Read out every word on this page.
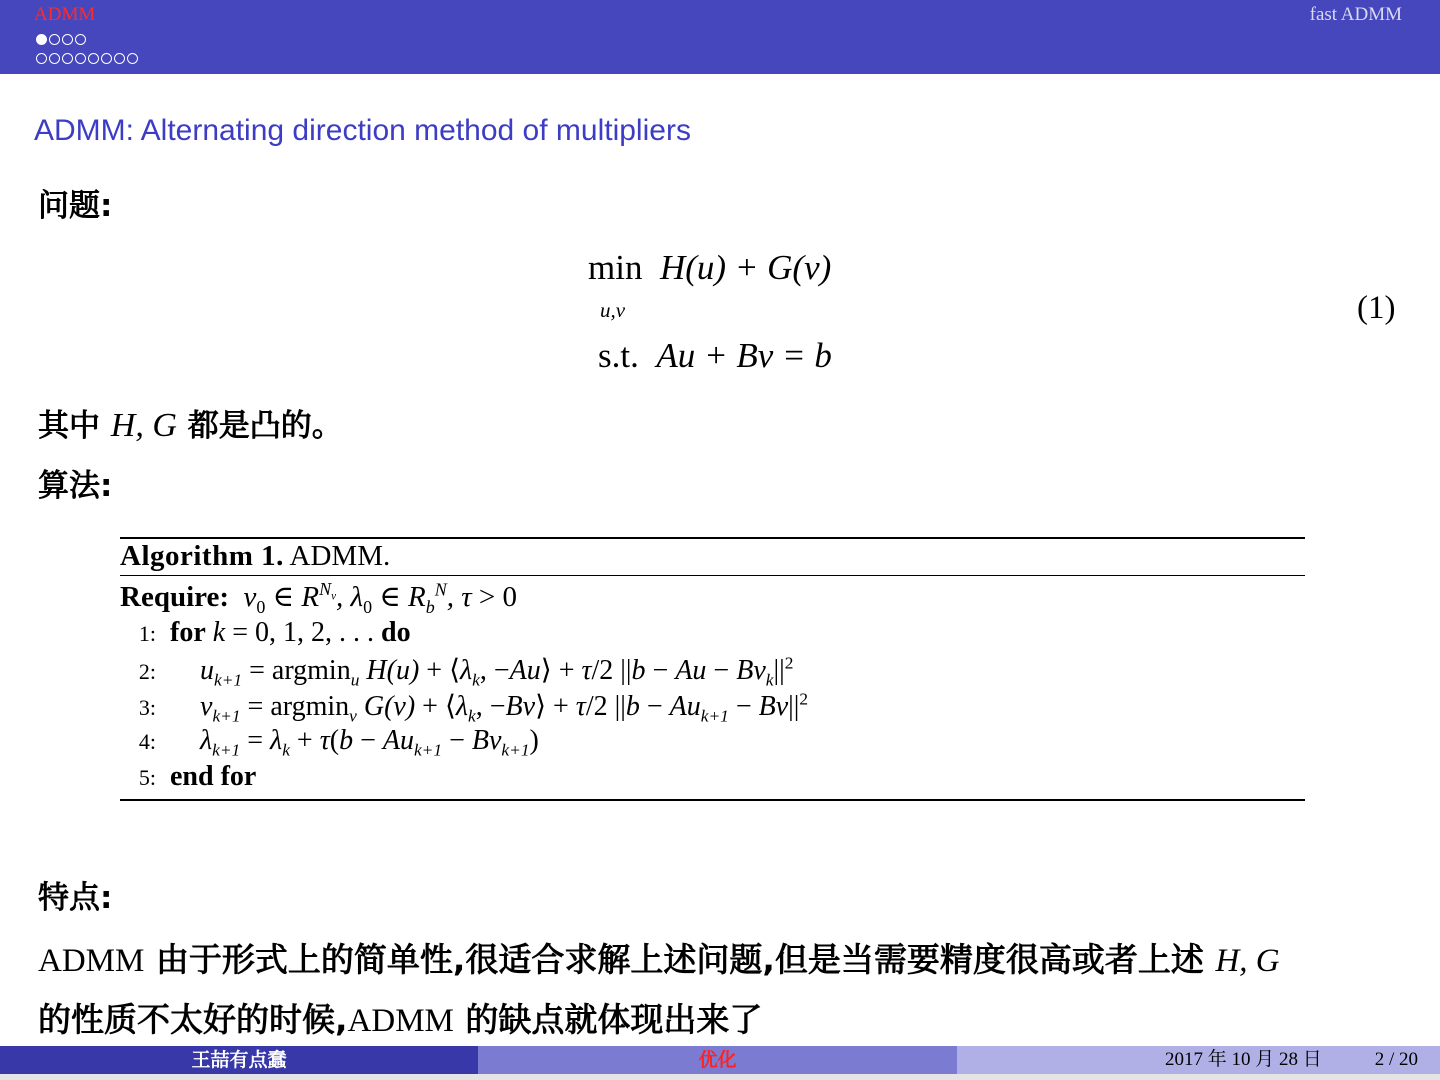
ADMM	fast ADMM
ADMM: Alternating direction method of multipliers
问题:
min H(u) + G(v)
u,v
s.t. Au + Bv = b
(1)
其中 H, G 都是凸的。
算法:
Algorithm 1. ADMM.
Require:  $v_0$ ∈ $R^{N_v}$, $\lambda_0$ ∈ $R_b^N$, τ > 0
1: for k = 0, 1, 2, . . . do
2: $u_{k+1} = argmin_u$ $H(u) + ⟨\lambda_k$, −Au⟩ + τ/2 $||b - Au - Bv_k||^2$
3: $v_{k+1} = argmin_v$ $G(v) + ⟨\lambda_k$, −Bv⟩ + τ/2 $||b - Au_{k+1} - Bv||^2$
4: $\lambda_{k+1} = \lambda_k + \tau(b - Au_{k+1} - Bv_{k+1})$
5: end for
特点:
ADMM 由于形式上的简单性,很适合求解上述问题,但是当需要精度很高或者上述 H, G
的性质不太好的时候,ADMM 的缺点就体现出来了
王喆有点蠢	优化	2017 年 10 月 28 日	2 / 20
